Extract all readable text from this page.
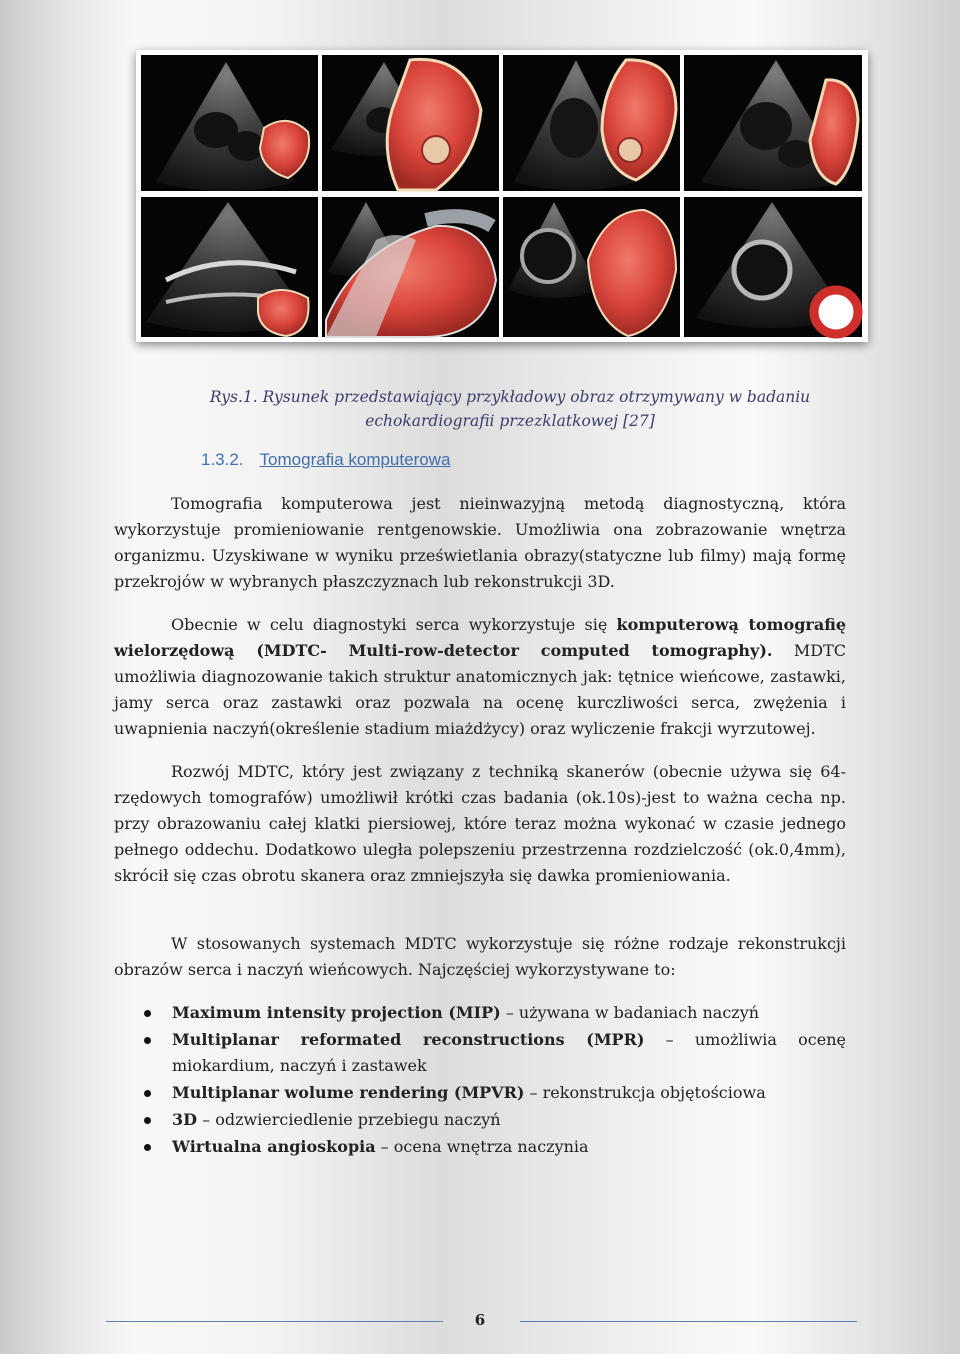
Rys.1. Rysunek przedstawiający przykładowy obraz otrzymywany w badaniu
echokardiografii przezklatkowej [27]
1.3.2. Tomografia komputerowa

Tomografia komputerowa jest nieinwazyjną metodą diagnostyczną, która wykorzystuje promieniowanie rentgenowskie. Umożliwia ona zobrazowanie wnętrza organizmu. Uzyskiwane w wyniku prześwietlania obrazy(statyczne lub filmy) mają formę przekrojów w wybranych płaszczyznach lub rekonstrukcji 3D.

Obecnie w celu diagnostyki serca wykorzystuje się komputerową tomografię wielorzędową (MDTC- Multi-row-detector computed tomography). MDTC umożliwia diagnozowanie takich struktur anatomicznych jak: tętnice wieńcowe, zastawki, jamy serca oraz zastawki oraz pozwala na ocenę kurczliwości serca, zwężenia i uwapnienia naczyń(określenie stadium miażdżycy) oraz wyliczenie frakcji wyrzutowej.

Rozwój MDTC, który jest związany z techniką skanerów (obecnie używa się 64-rzędowych tomografów) umożliwił krótki czas badania (ok.10s)-jest to ważna cecha np. przy obrazowaniu całej klatki piersiowej, które teraz można wykonać w czasie jednego pełnego oddechu. Dodatkowo uległa polepszeniu przestrzenna rozdzielczość (ok.0,4mm), skrócił się czas obrotu skanera oraz zmniejszyła się dawka promieniowania.

W stosowanych systemach MDTC wykorzystuje się różne rodzaje rekonstrukcji obrazów serca i naczyń wieńcowych. Najczęściej wykorzystywane to:

Maximum intensity projection (MIP) – używana w badaniach naczyń
Multiplanar reformated reconstructions (MPR) – umożliwia ocenę
miokardium, naczyń i zastawek
Multiplanar wolume rendering (MPVR) – rekonstrukcja objętościowa
3D – odzwierciedlenie przebiegu naczyń
Wirtualna angioskopia – ocena wnętrza naczynia
6
